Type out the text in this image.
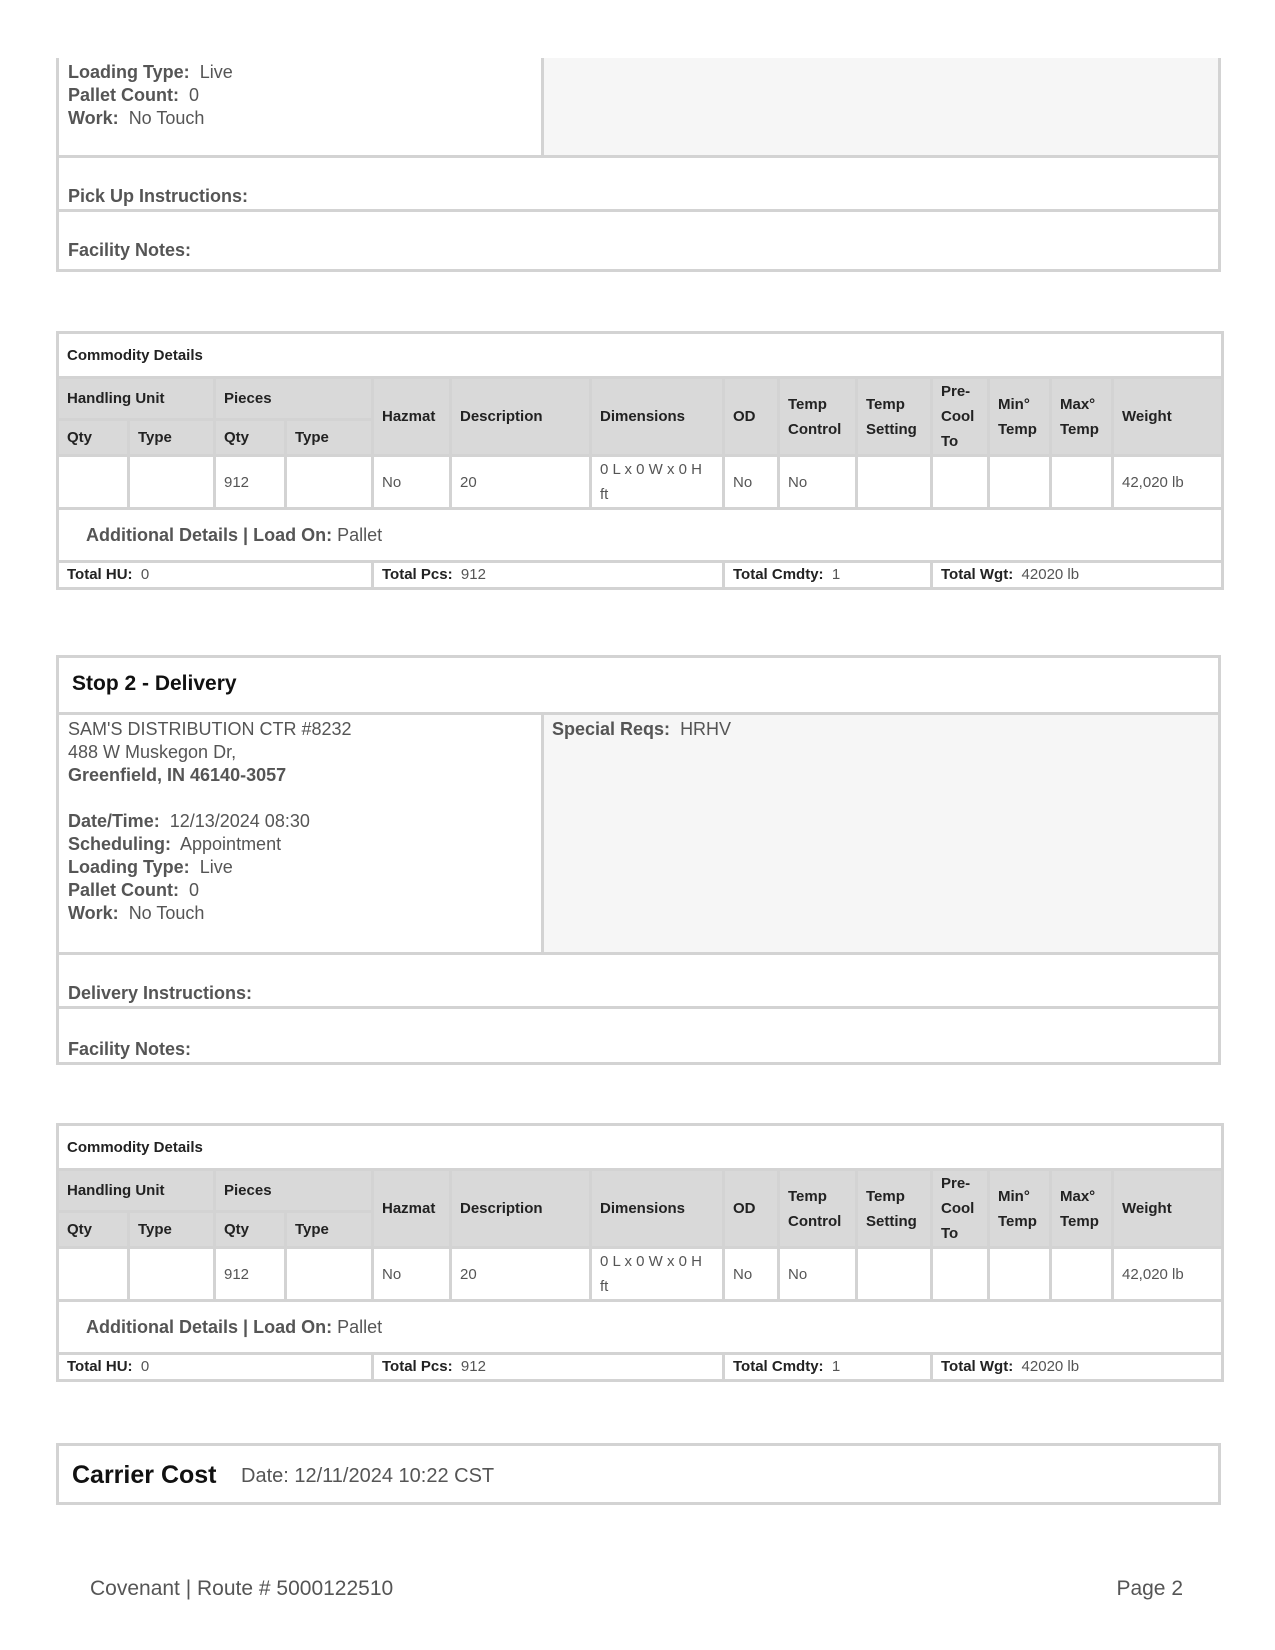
Loading Type: Live
Pallet Count: 0
Work: No Touch
Pick Up Instructions:
Facility Notes:
Commodity Details													
Handling Unit		Pieces		Hazmat	Description	Dimensions	OD	Temp Control	Temp Setting	Pre-Cool To	Min° Temp	Max° Temp	Weight
Qty	Type	Qty	Type										
		912		No	20	0 L x 0 W x 0 H ft	No	No					42,020 lb
Additional Details | Load On: Pallet													
Total HU: 0				Total Pcs: 912			Total Cmdty: 1			Total Wgt: 42020 lb			
Stop 2 - Delivery
Special Reqs: HRHV
SAM'S DISTRIBUTION CTR #8232
488 W Muskegon Dr,
Greenfield, IN 46140-3057
Date/Time: 12/13/2024 08:30
Scheduling: Appointment
Loading Type: Live
Pallet Count: 0
Work: No Touch
Delivery Instructions:
Facility Notes:
Commodity Details													
Handling Unit		Pieces		Hazmat	Description	Dimensions	OD	Temp Control	Temp Setting	Pre-Cool To	Min° Temp	Max° Temp	Weight
Qty	Type	Qty	Type										
		912		No	20	0 L x 0 W x 0 H ft	No	No					42,020 lb
Additional Details | Load On: Pallet													
Total HU: 0				Total Pcs: 912			Total Cmdty: 1			Total Wgt: 42020 lb			
Carrier Cost Date: 12/11/2024 10:22 CST
Covenant | Route # 5000122510	Page 2
